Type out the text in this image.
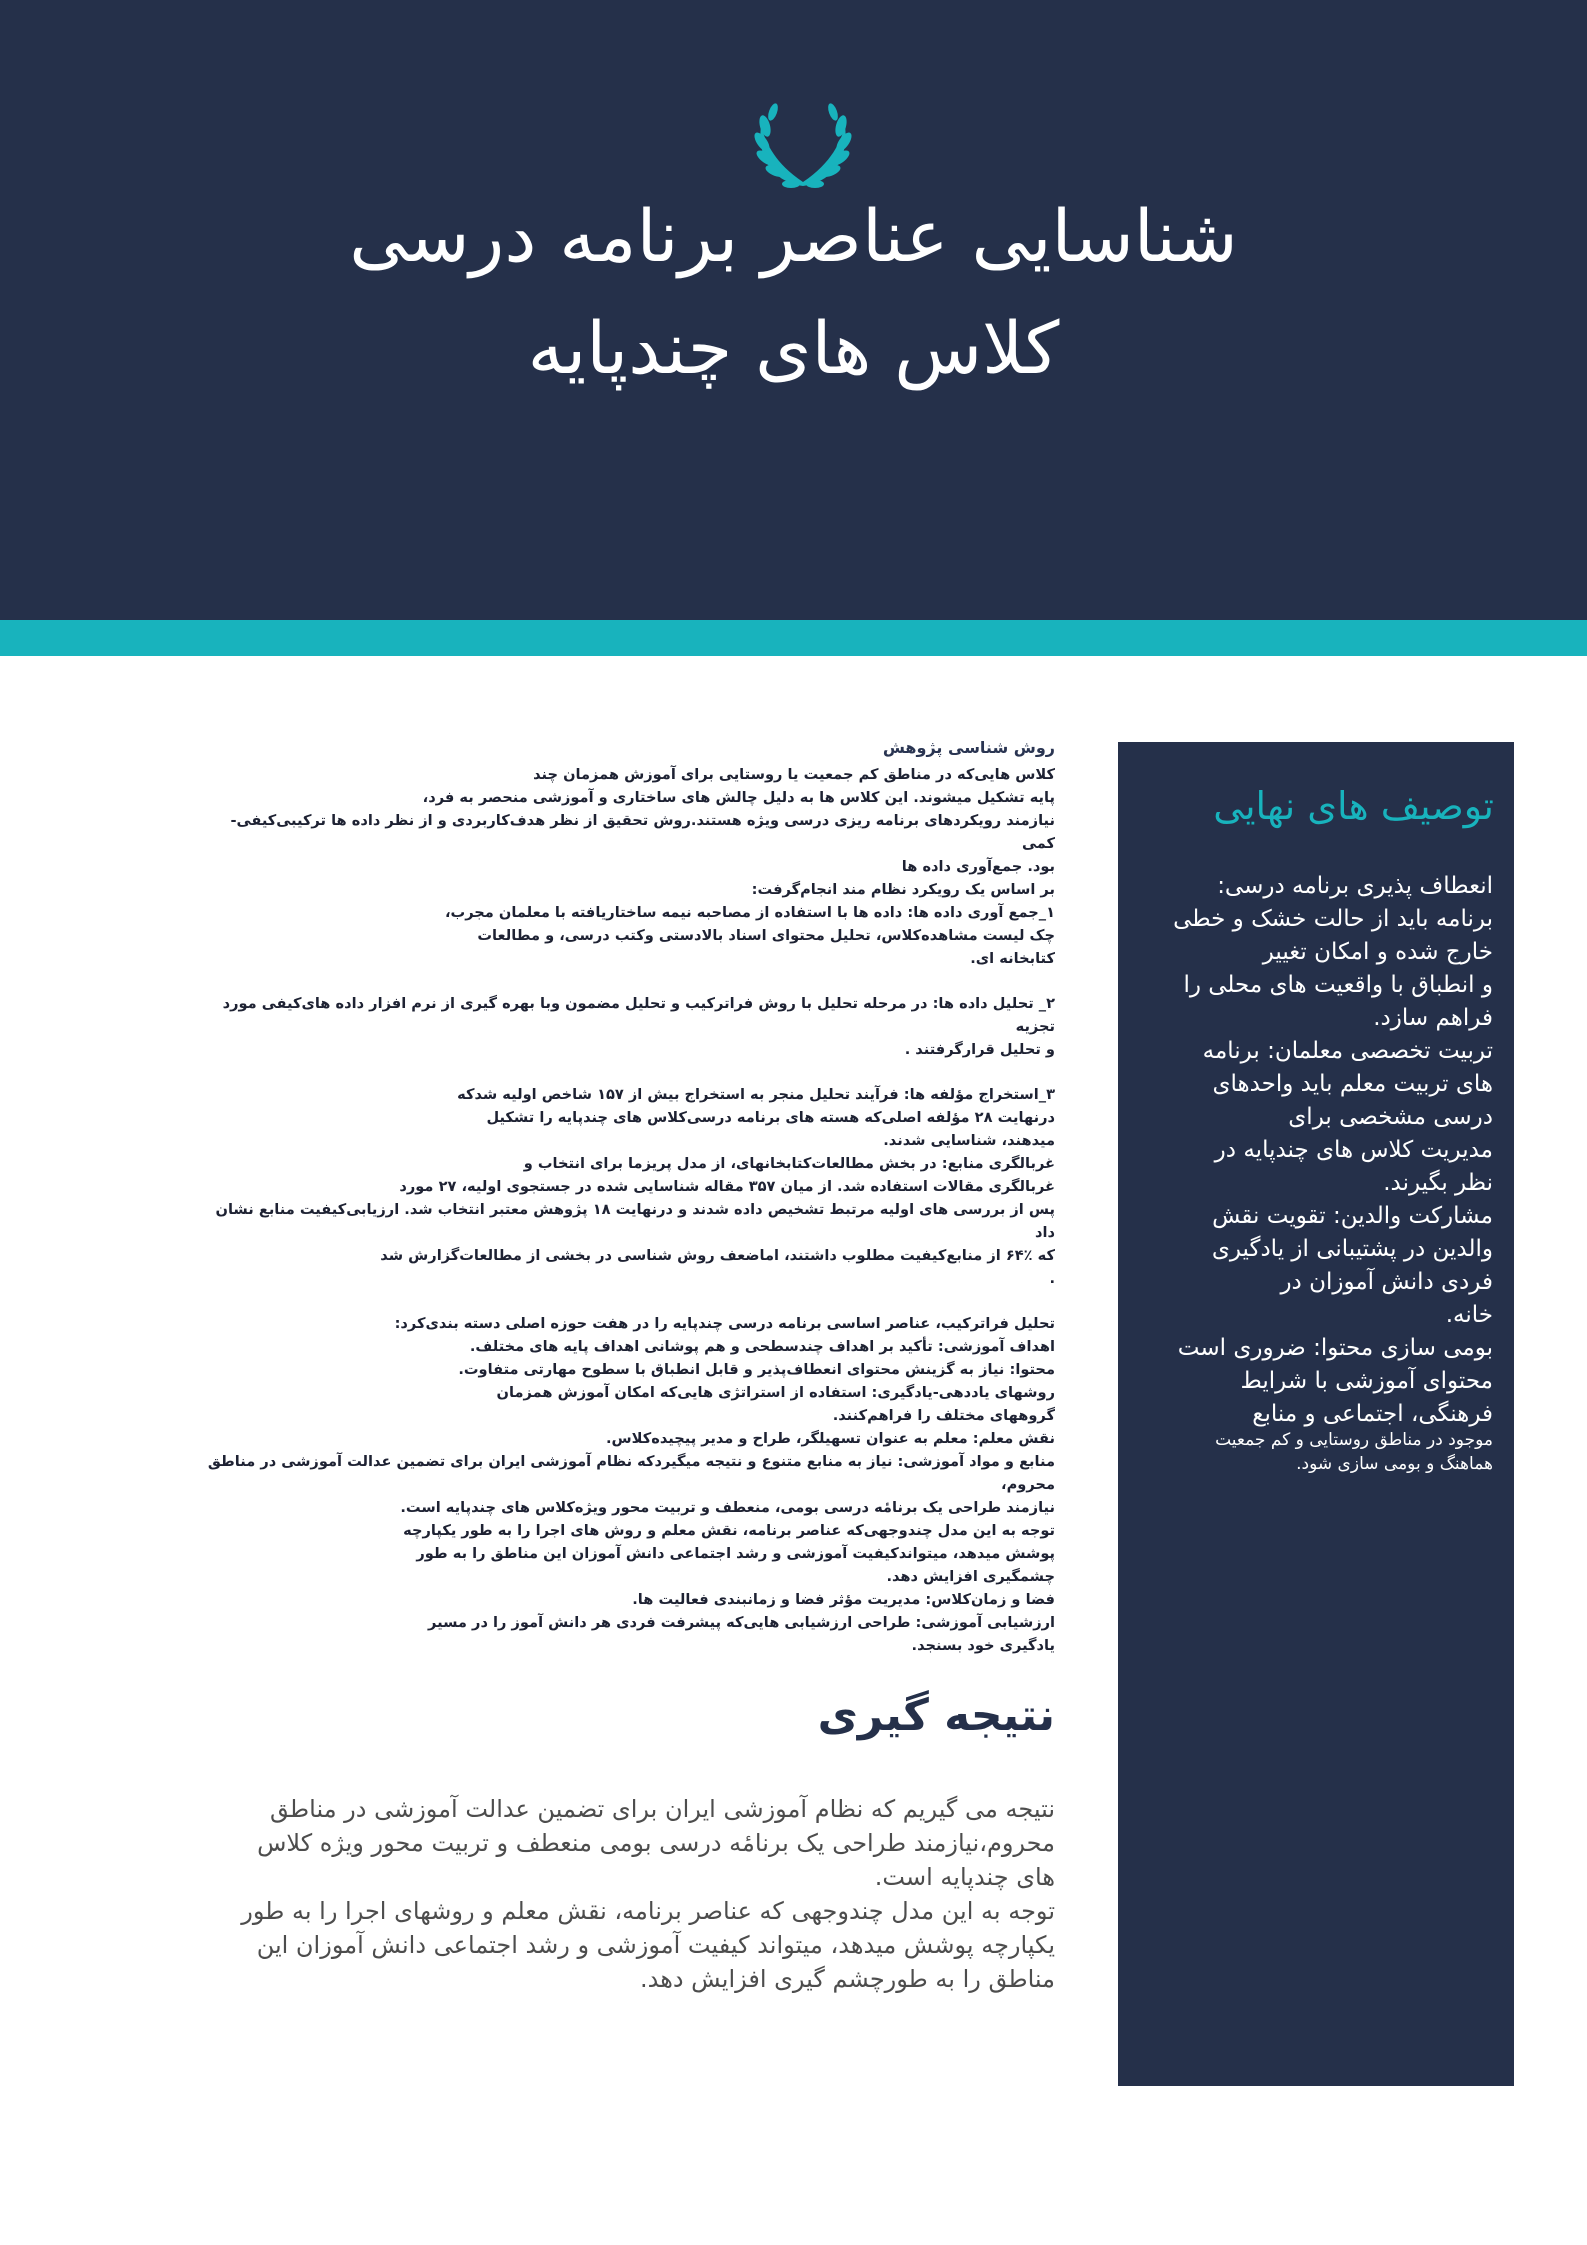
شناسایی عناصر برنامه درسی
کلاس های چندپایه
روش شناسی پژوهش
کلاس هایی‌که در مناطق کم جمعیت یا روستایی برای آموزش همزمان چند
پایه تشکیل میشوند. این کلاس ها به دلیل چالش های ساختاری و آموزشی منحصر به فرد،
نیازمند رویکردهای برنامه ریزی درسی ویژه هستند.روش تحقیق از نظر هدف‌کاربردی و از نظر داده ها ترکیبی‌کیفی-کمی
بود. جمع‌آوری داده ها
بر اساس یک رویکرد نظام مند انجام‌گرفت:
۱_جمع آوری داده ها: داده ها با استفاده از مصاحبه نیمه ساختاریافته با معلمان مجرب،
چک لیست مشاهده‌کلاس، تحلیل محتوای اسناد بالادستی و‌کتب درسی، و مطالعات
کتابخانه ای.
۲_ تحلیل داده ها: در مرحله تحلیل با روش فراترکیب و تحلیل مضمون وبا بهره گیری از نرم افزار داده های‌کیفی مورد تجزیه
و تحلیل قرار‌گرفتند .
۳_استخراج مؤلفه ها: فرآیند تحلیل منجر به استخراج بیش از ۱۵۷ شاخص اولیه شد‌که
درنهایت ۲۸ مؤلفه اصلی‌که هسته های برنامه درسی‌کلاس های چندپایه را تشکیل
میدهند، شناسایی شدند.
غربالگری منابع: در بخش مطالعات‌کتابخانهای، از مدل پریزما برای انتخاب و
غربالگری مقالات استفاده شد. از میان ۳۵۷ مقاله شناسایی شده در جستجوی اولیه، ۲۷ مورد
پس از بررسی های اولیه مرتبط تشخیص داده شدند و درنهایت ۱۸ پژوهش معتبر انتخاب شد. ارزیابی‌کیفیت منابع نشان داد
که ٪۶۴ از منابع‌کیفیت مطلوب داشتند، اماضعف روش شناسی در بخشی از مطالعات‌گزارش شد
.
تحلیل فراترکیب، عناصر اساسی برنامه درسی چندپایه را در هفت حوزه اصلی دسته بندی‌کرد:
اهداف آموزشی: تأکید بر اهداف چندسطحی و هم پوشانی اهداف پایه های مختلف.
محتوا: نیاز به گزینش محتوای انعطاف‌پذیر و قابل انطباق با سطوح مهارتی متفاوت.
روشهای یاددهی-یادگیری: استفاده از استراتژی هایی‌که امکان آموزش همزمان
گروههای مختلف را فراهم‌کنند.
نقش معلم: معلم به عنوان تسهیلگر، طراح و مدیر پیچیده‌کلاس.
منابع و مواد آموزشی: نیاز به منابع متنوع و نتیجه میگیرد‌که نظام آموزشی ایران برای تضمین عدالت آموزشی در مناطق
محروم،
نیازمند طراحی یک برنامٔه درسی بومی، منعطف و تربیت محور ویژه‌کلاس های چندپایه است.
توجه به این مدل چندوجهی‌که عناصر برنامه، نقش معلم و روش های اجرا را به طور یکپارچه
پوشش میدهد، میتواند‌کیفیت آموزشی و رشد اجتماعی دانش آموزان این مناطق را به طور
چشمگیری افزایش دهد.
فضا و زمان‌کلاس: مدیریت مؤثر فضا و زمانبندی فعالیت ها.
ارزشیابی آموزشی: طراحی ارزشیابی هایی‌که پیشرفت فردی هر دانش آموز را در مسیر
یادگیری خود بسنجد.
نتیجه گیری
نتیجه می گیریم که نظام آموزشی ایران برای تضمین عدالت آموزشی در مناطق
محروم،نیازمند طراحی یک برنامٔه درسی بومی منعطف و تربیت محور ویژه کلاس
های چندپایه است.
توجه به این مدل چندوجهی که عناصر برنامه، نقش معلم و روشهای اجرا را به طور
یکپارچه پوشش میدهد، میتواند کیفیت آموزشی و رشد اجتماعی دانش آموزان این
مناطق را به طورچشم گیری افزایش دهد.
توصیف های نهایی
انعطاف پذیری برنامه درسی:
برنامه باید از حالت خشک و خطی
خارج شده و امکان تغییر
و انطباق با واقعیت های محلی را
فراهم سازد.
تربیت تخصصی معلمان: برنامه
های تربیت معلم باید واحدهای
درسی مشخصی برای
مدیریت کلاس های چندپایه در
نظر بگیرند.
مشارکت والدین: تقویت نقش
والدین در پشتیبانی از یادگیری
فردی دانش آموزان در
خانه.
بومی سازی محتوا: ضروری است
محتوای آموزشی با شرایط
فرهنگی، اجتماعی و منابع
موجود در مناطق روستایی و کم جمعیت
هماهنگ و بومی سازی شود.
